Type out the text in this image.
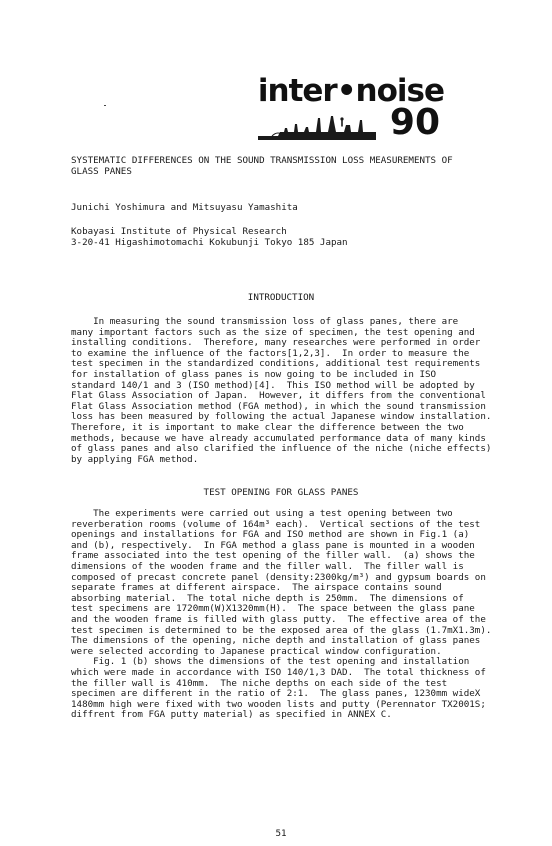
inter•noise
90

SYSTEMATIC DIFFERENCES ON THE SOUND TRANSMISSION LOSS MEASUREMENTS OF
GLASS PANES

Junichi Yoshimura and Mitsuyasu Yamashita

Kobayasi Institute of Physical Research
3-20-41 Higashimotomachi Kokubunji Tokyo 185 Japan

INTRODUCTION

In measuring the sound transmission loss of glass panes, there are
many important factors such as the size of specimen, the test opening and
installing conditions.  Therefore, many researches were performed in order
to examine the influence of the factors[1,2,3].  In order to measure the
test specimen in the standardized conditions, additional test requirements
for installation of glass panes is now going to be included in ISO
standard 140/1 and 3 (ISO method)[4].  This ISO method will be adopted by
Flat Glass Association of Japan.  However, it differs from the conventional
Flat Glass Association method (FGA method), in which the sound transmission
loss has been measured by following the actual Japanese window installation.
Therefore, it is important to make clear the difference between the two
methods, because we have already accumulated performance data of many kinds
of glass panes and also clarified the influence of the niche (niche effects)
by applying FGA method.

TEST OPENING FOR GLASS PANES

The experiments were carried out using a test opening between two
reverberation rooms (volume of 164m³ each).  Vertical sections of the test
openings and installations for FGA and ISO method are shown in Fig.1 (a)
and (b), respectively.  In FGA method a glass pane is mounted in a wooden
frame associated into the test opening of the filler wall.  (a) shows the
dimensions of the wooden frame and the filler wall.  The filler wall is
composed of precast concrete panel (density:2300kg/m³) and gypsum boards on
separate frames at different airspace.  The airspace contains sound
absorbing material.  The total niche depth is 250mm.  The dimensions of
test specimens are 1720mm(W)X1320mm(H).  The space between the glass pane
and the wooden frame is filled with glass putty.  The effective area of the
test specimen is determined to be the exposed area of the glass (1.7mX1.3m).
The dimensions of the opening, niche depth and installation of glass panes
were selected according to Japanese practical window configuration.
Fig. 1 (b) shows the dimensions of the test opening and installation
which were made in accordance with ISO 140/1,3 DAD.  The total thickness of
the filler wall is 410mm.  The niche depths on each side of the test
specimen are different in the ratio of 2:1.  The glass panes, 1230mm wideX
1480mm high were fixed with two wooden lists and putty (Perennator TX2001S;
diffrent from FGA putty material) as specified in ANNEX C.

51
